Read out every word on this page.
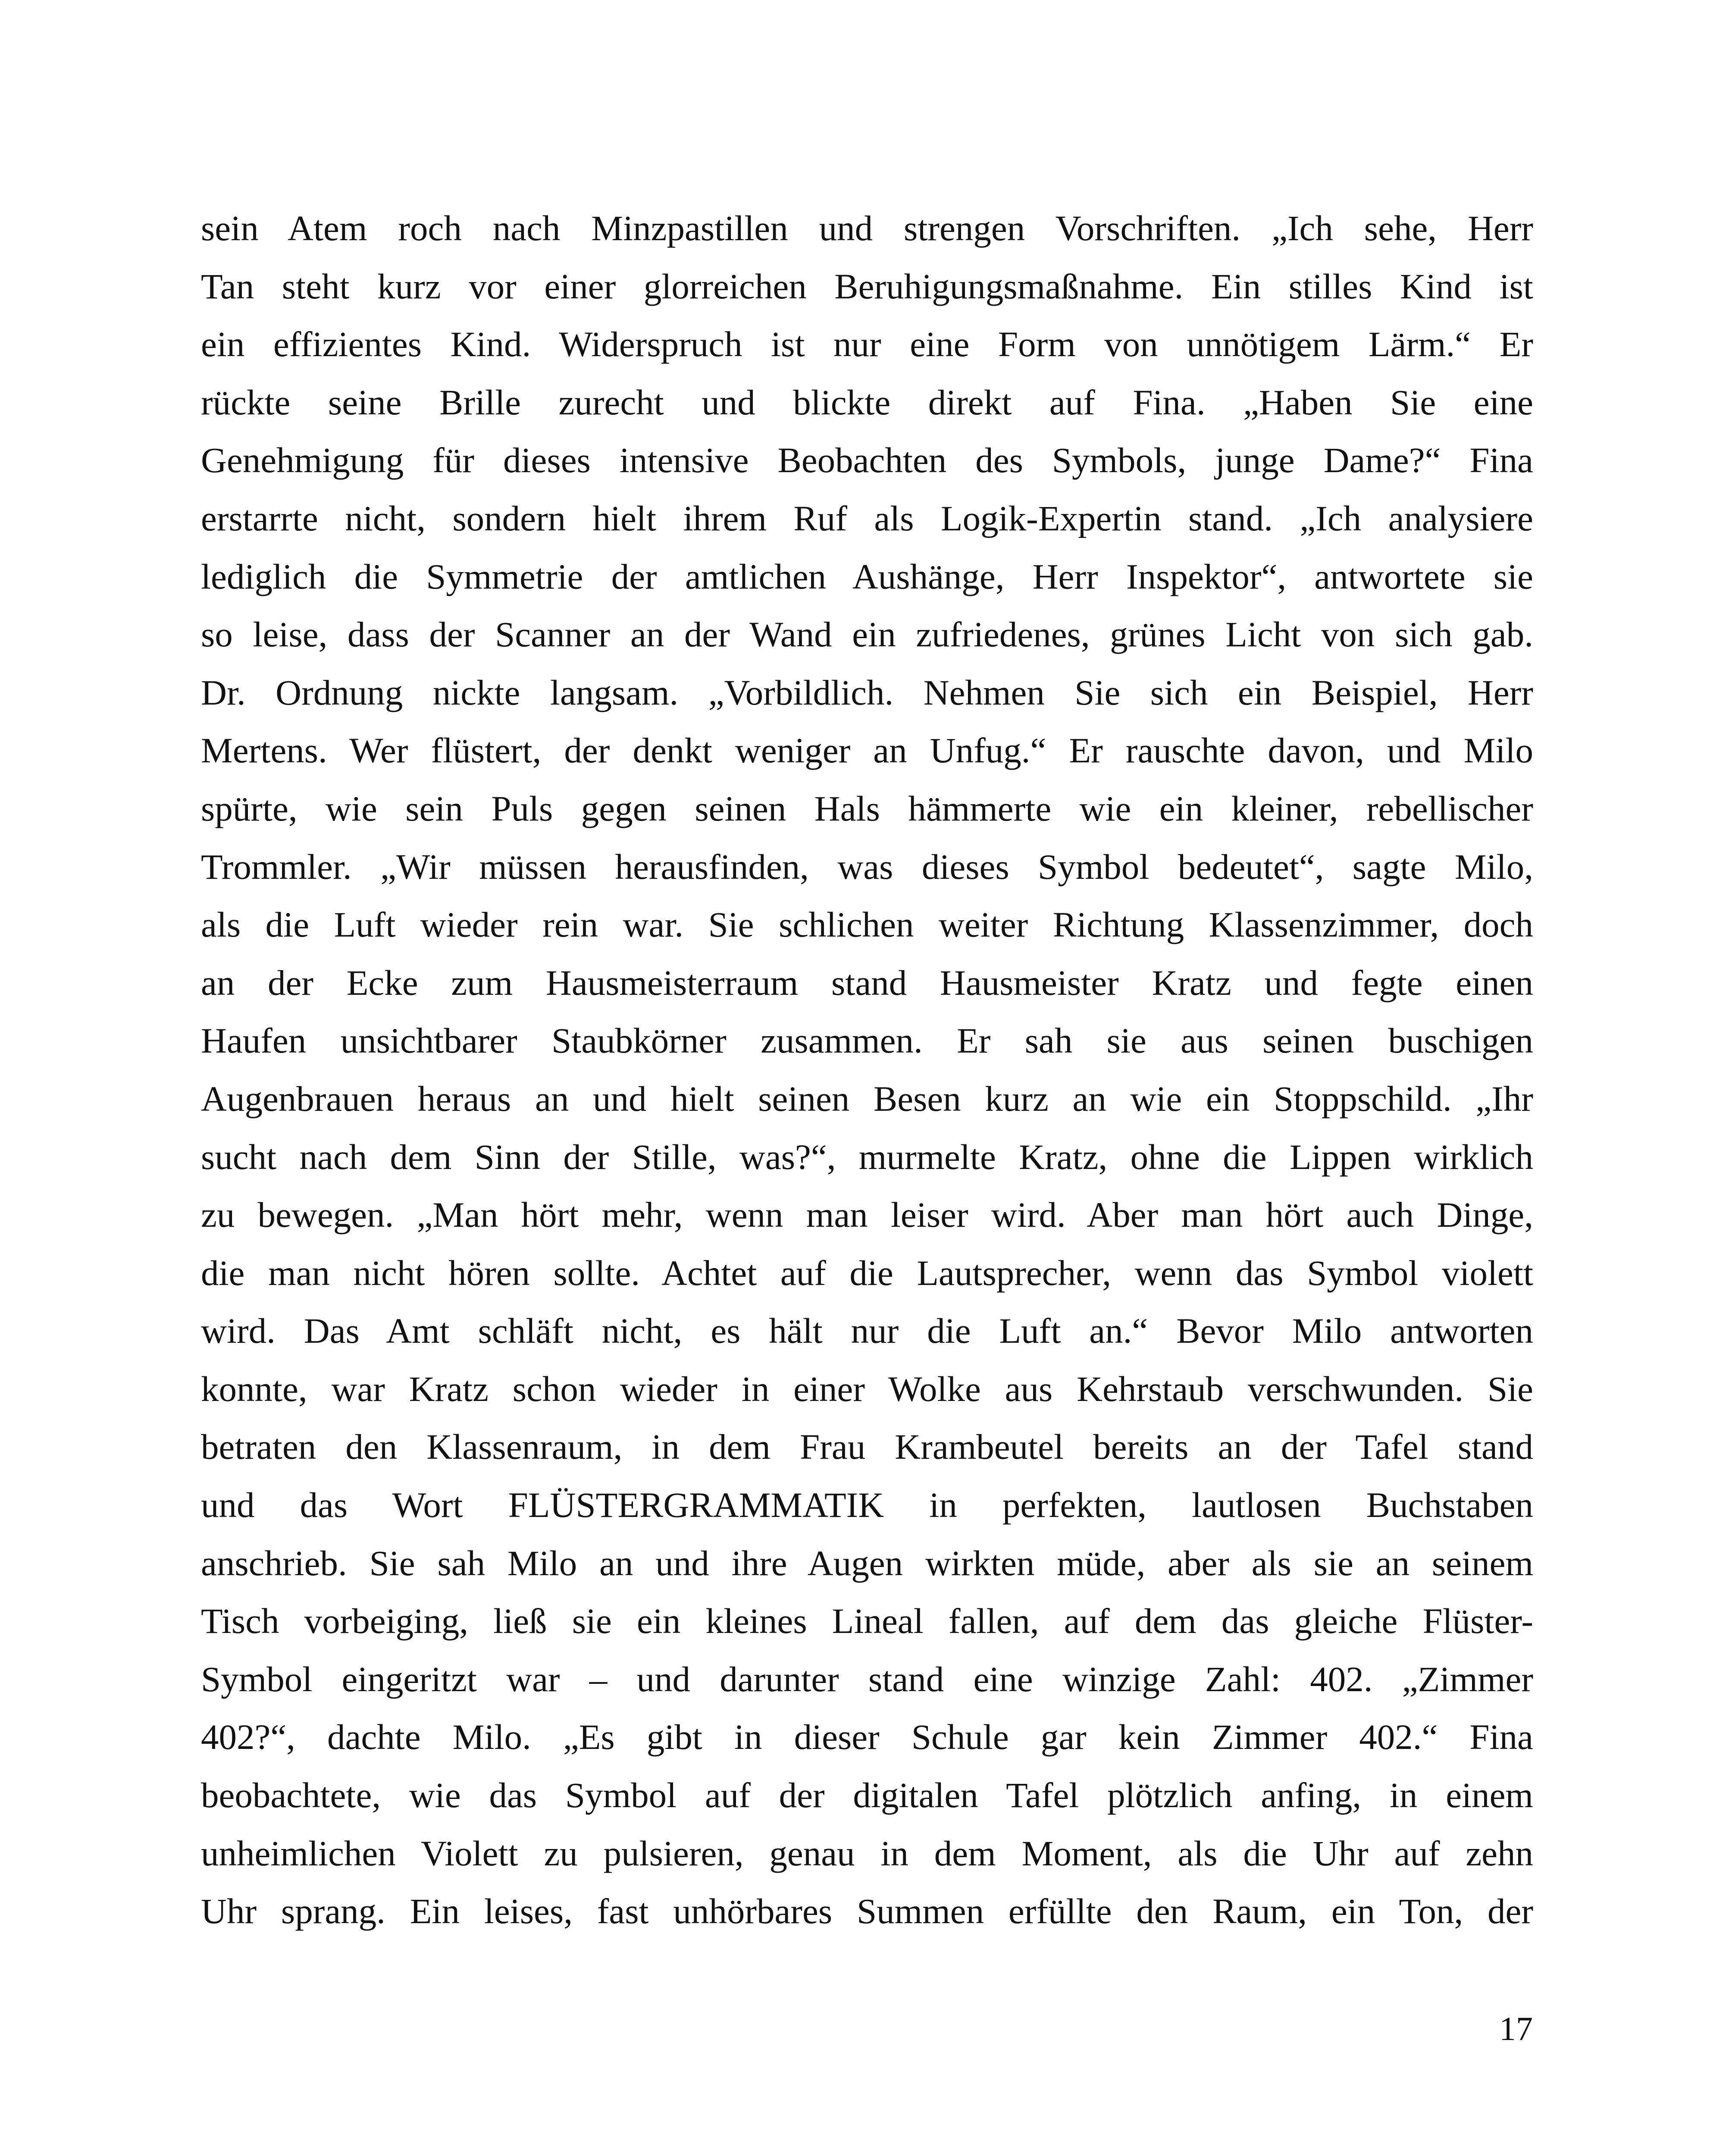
sein Atem roch nach Minzpastillen und strengen Vorschriften. „Ich sehe, Herr
Tan steht kurz vor einer glorreichen Beruhigungsmaßnahme. Ein stilles Kind ist
ein effizientes Kind. Widerspruch ist nur eine Form von unnötigem Lärm.“ Er
rückte seine Brille zurecht und blickte direkt auf Fina. „Haben Sie eine
Genehmigung für dieses intensive Beobachten des Symbols, junge Dame?“ Fina
erstarrte nicht, sondern hielt ihrem Ruf als Logik-Expertin stand. „Ich analysiere
lediglich die Symmetrie der amtlichen Aushänge, Herr Inspektor“, antwortete sie
so leise, dass der Scanner an der Wand ein zufriedenes, grünes Licht von sich gab.
Dr. Ordnung nickte langsam. „Vorbildlich. Nehmen Sie sich ein Beispiel, Herr
Mertens. Wer flüstert, der denkt weniger an Unfug.“ Er rauschte davon, und Milo
spürte, wie sein Puls gegen seinen Hals hämmerte wie ein kleiner, rebellischer
Trommler. „Wir müssen herausfinden, was dieses Symbol bedeutet“, sagte Milo,
als die Luft wieder rein war. Sie schlichen weiter Richtung Klassenzimmer, doch
an der Ecke zum Hausmeisterraum stand Hausmeister Kratz und fegte einen
Haufen unsichtbarer Staubkörner zusammen. Er sah sie aus seinen buschigen
Augenbrauen heraus an und hielt seinen Besen kurz an wie ein Stoppschild. „Ihr
sucht nach dem Sinn der Stille, was?“, murmelte Kratz, ohne die Lippen wirklich
zu bewegen. „Man hört mehr, wenn man leiser wird. Aber man hört auch Dinge,
die man nicht hören sollte. Achtet auf die Lautsprecher, wenn das Symbol violett
wird. Das Amt schläft nicht, es hält nur die Luft an.“ Bevor Milo antworten
konnte, war Kratz schon wieder in einer Wolke aus Kehrstaub verschwunden. Sie
betraten den Klassenraum, in dem Frau Krambeutel bereits an der Tafel stand
und das Wort FLÜSTERGRAMMATIK in perfekten, lautlosen Buchstaben
anschrieb. Sie sah Milo an und ihre Augen wirkten müde, aber als sie an seinem
Tisch vorbeiging, ließ sie ein kleines Lineal fallen, auf dem das gleiche Flüster-
Symbol eingeritzt war – und darunter stand eine winzige Zahl: 402. „Zimmer
402?“, dachte Milo. „Es gibt in dieser Schule gar kein Zimmer 402.“ Fina
beobachtete, wie das Symbol auf der digitalen Tafel plötzlich anfing, in einem
unheimlichen Violett zu pulsieren, genau in dem Moment, als die Uhr auf zehn
Uhr sprang. Ein leises, fast unhörbares Summen erfüllte den Raum, ein Ton, der
17
